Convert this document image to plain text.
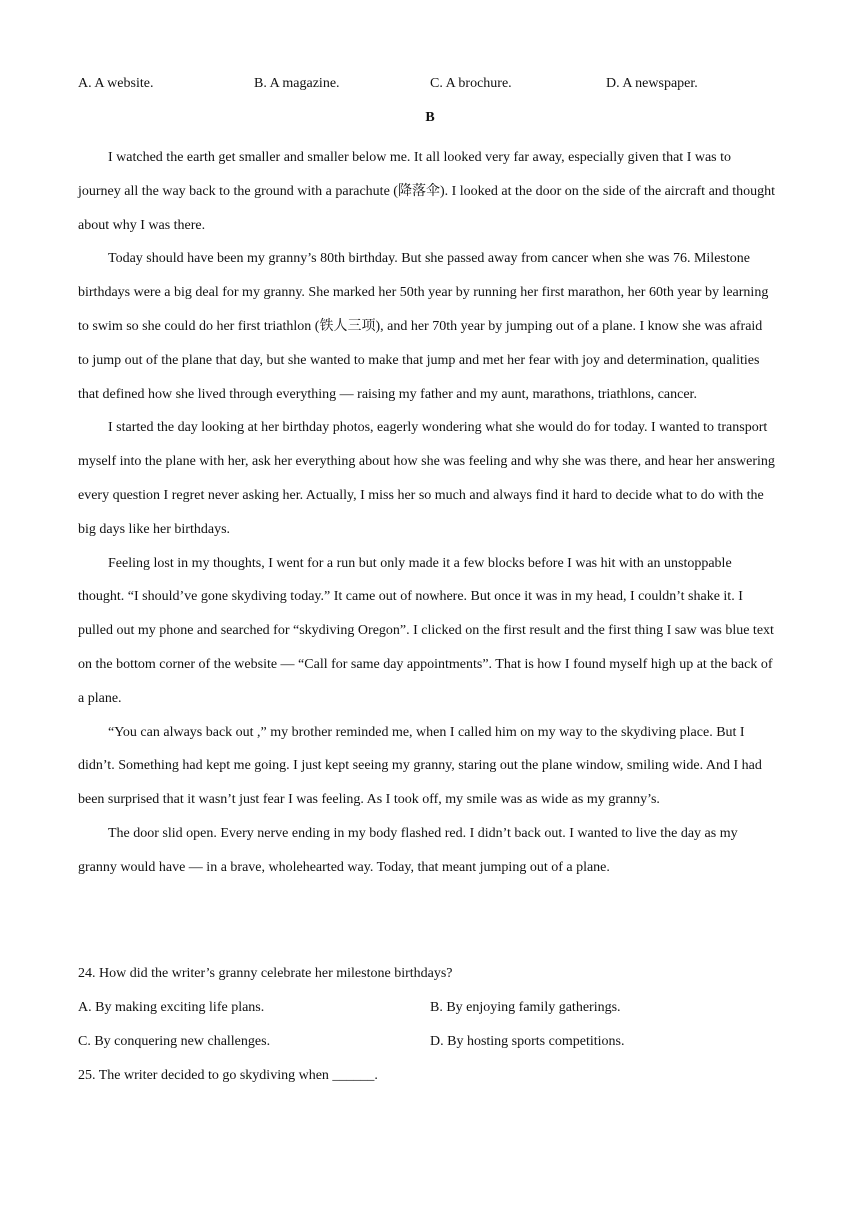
A. A website.	B. A magazine.	C. A brochure.	D. A newspaper.
B

I watched the earth get smaller and smaller below me. It all looked very far away, especially given that I was to journey all the way back to the ground with a parachute (降落伞). I looked at the door on the side of the aircraft and thought about why I was there.

Today should have been my granny’s 80th birthday. But she passed away from cancer when she was 76. Milestone birthdays were a big deal for my granny. She marked her 50th year by running her first marathon, her 60th year by learning to swim so she could do her first triathlon (铁人三项), and her 70th year by jumping out of a plane. I know she was afraid to jump out of the plane that day, but she wanted to make that jump and met her fear with joy and determination, qualities that defined how she lived through everything — raising my father and my aunt, marathons, triathlons, cancer.

I started the day looking at her birthday photos, eagerly wondering what she would do for today. I wanted to transport myself into the plane with her, ask her everything about how she was feeling and why she was there, and hear her answering every question I regret never asking her. Actually, I miss her so much and always find it hard to decide what to do with the big days like her birthdays.

Feeling lost in my thoughts, I went for a run but only made it a few blocks before I was hit with an unstoppable thought. “I should’ve gone skydiving today.” It came out of nowhere. But once it was in my head, I couldn’t shake it. I pulled out my phone and searched for “skydiving Oregon”. I clicked on the first result and the first thing I saw was blue text on the bottom corner of the website — “Call for same day appointments”. That is how I found myself high up at the back of a plane.

“You can always back out ,” my brother reminded me, when I called him on my way to the skydiving place. But I didn’t. Something had kept me going. I just kept seeing my granny, staring out the plane window, smiling wide. And I had been surprised that it wasn’t just fear I was feeling. As I took off, my smile was as wide as my granny’s.

The door slid open. Every nerve ending in my body flashed red. I didn’t back out. I wanted to live the day as my granny would have — in a brave, wholehearted way. Today, that meant jumping out of a plane.

24. How did the writer’s granny celebrate her milestone birthdays?
A. By making exciting life plans.	B. By enjoying family gatherings.
C. By conquering new challenges.	D. By hosting sports competitions.
25. The writer decided to go skydiving when ______.
